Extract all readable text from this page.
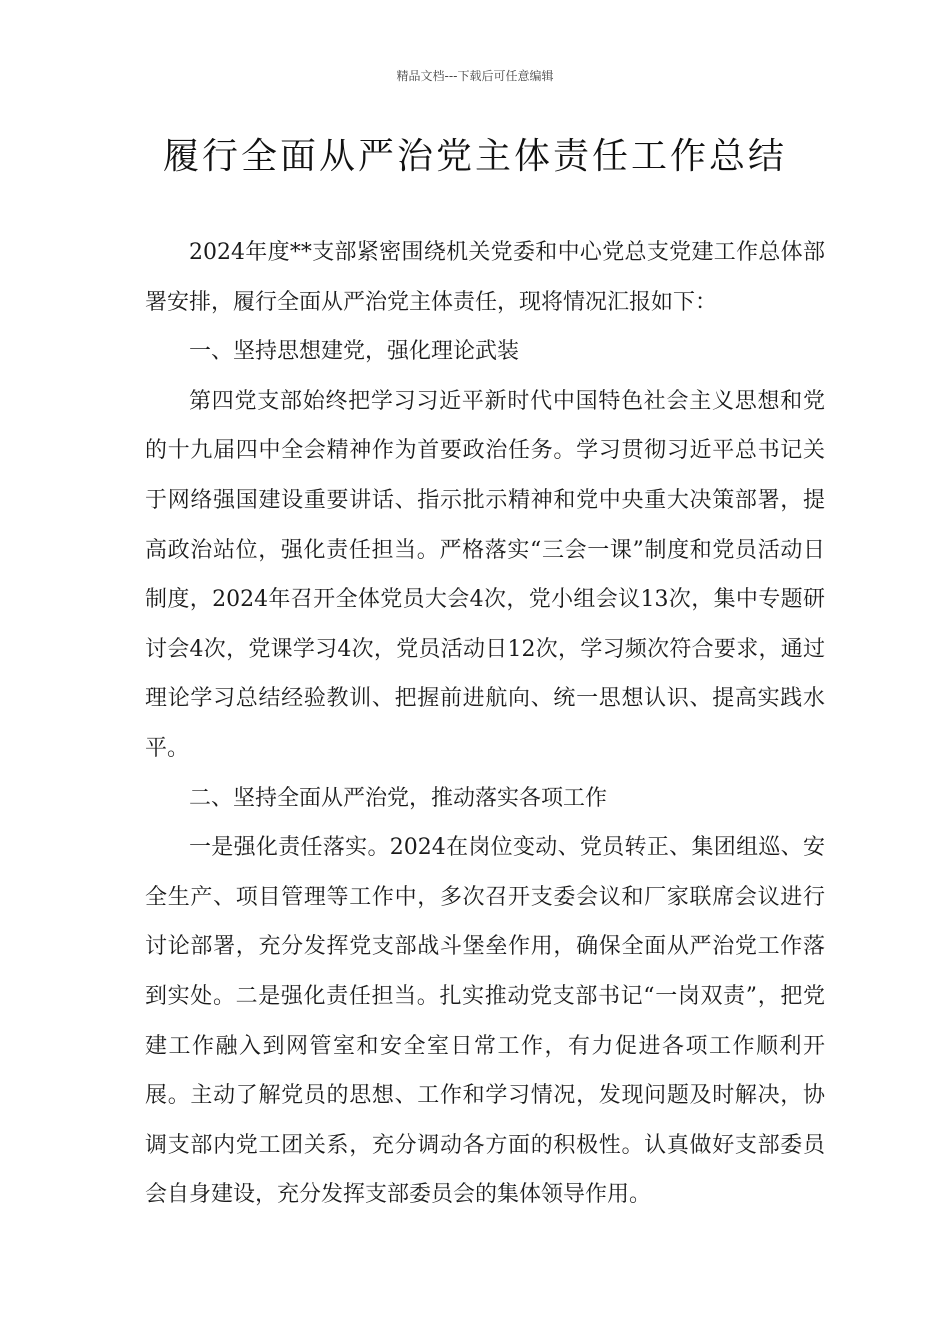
精品文档---下载后可任意编辑
履行全面从严治党主体责任工作总结

2024年度**支部紧密围绕机关党委和中心党总支党建工作总体部署安排，履行全面从严治党主体责任，现将情况汇报如下：

一、坚持思想建党，强化理论武装

第四党支部始终把学习习近平新时代中国特色社会主义思想和党的十九届四中全会精神作为首要政治任务。学习贯彻习近平总书记关于网络强国建设重要讲话、指示批示精神和党中央重大决策部署，提高政治站位，强化责任担当。严格落实“三会一课”制度和党员活动日制度，2024年召开全体党员大会4次，党小组会议13次，集中专题研讨会4次，党课学习4次，党员活动日12次，学习频次符合要求，通过理论学习总结经验教训、把握前进航向、统一思想认识、提高实践水平。

二、坚持全面从严治党，推动落实各项工作

一是强化责任落实。2024在岗位变动、党员转正、集团组巡、安全生产、项目管理等工作中，多次召开支委会议和厂家联席会议进行讨论部署，充分发挥党支部战斗堡垒作用，确保全面从严治党工作落到实处。二是强化责任担当。扎实推动党支部书记“一岗双责”，把党建工作融入到网管室和安全室日常工作，有力促进各项工作顺利开展。主动了解党员的思想、工作和学习情况，发现问题及时解决，协调支部内党工团关系，充分调动各方面的积极性。认真做好支部委员会自身建设，充分发挥支部委员会的集体领导作用。
